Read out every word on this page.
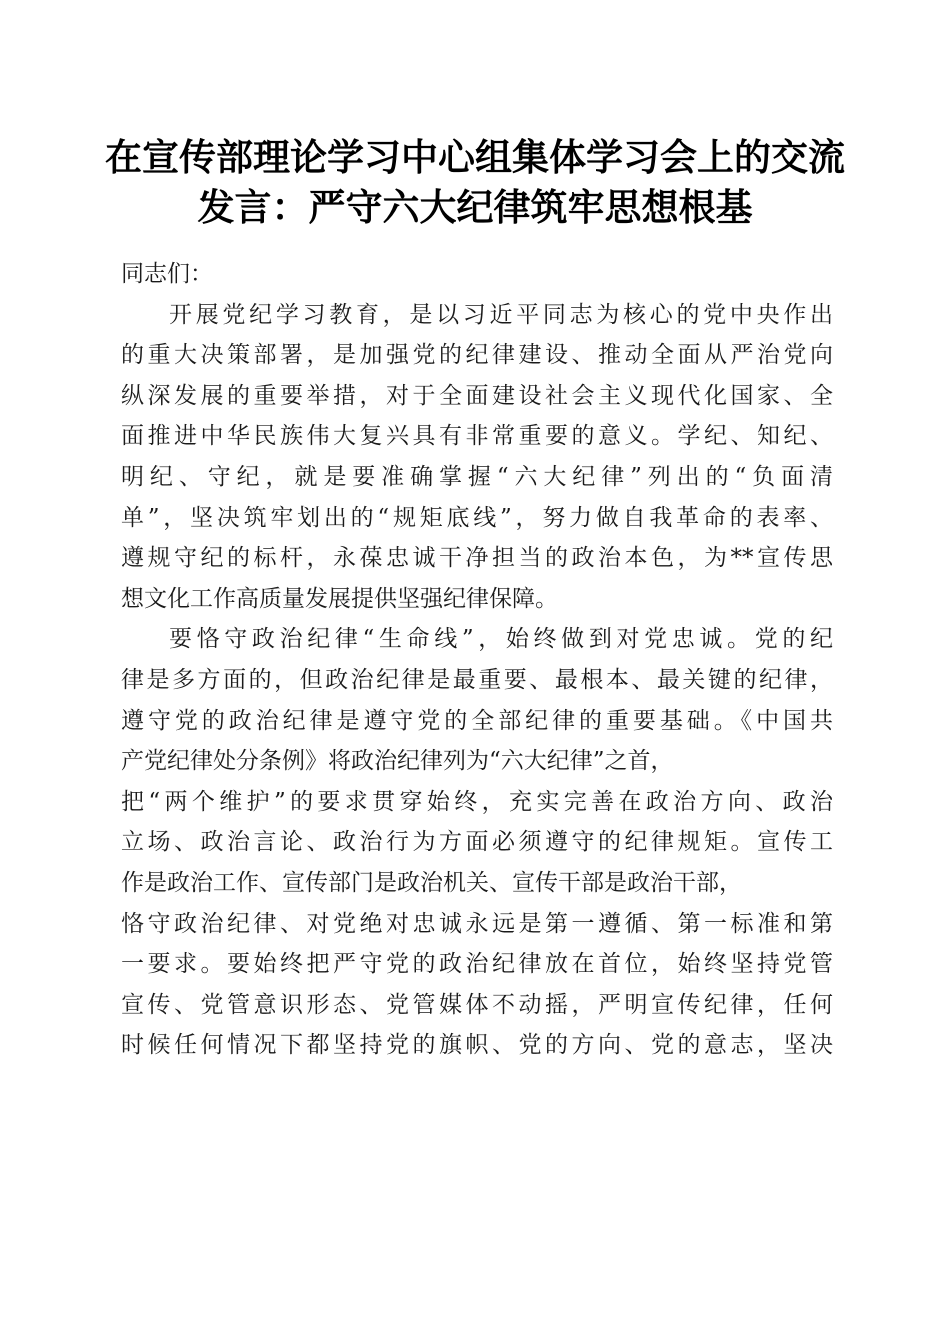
在宣传部理论学习中心组集体学习会上的交流
发言：严守六大纪律筑牢思想根基
同志们：

开展党纪学习教育，是以习近平同志为核心的党中央作出
的重大决策部署，是加强党的纪律建设、推动全面从严治党向
纵深发展的重要举措，对于全面建设社会主义现代化国家、全
面推进中华民族伟大复兴具有非常重要的意义。学纪、知纪、
明纪、守纪，就是要准确掌握“六大纪律”列出的“负面清
单”，坚决筑牢划出的“规矩底线”，努力做自我革命的表率、
遵规守纪的标杆，永葆忠诚干净担当的政治本色，为**宣传思
想文化工作高质量发展提供坚强纪律保障。

要恪守政治纪律“生命线”，始终做到对党忠诚。党的纪
律是多方面的，但政治纪律是最重要、最根本、最关键的纪律，
遵守党的政治纪律是遵守党的全部纪律的重要基础。《中国共
产党纪律处分条例》将政治纪律列为“六大纪律”之首，
把“两个维护”的要求贯穿始终，充实完善在政治方向、政治
立场、政治言论、政治行为方面必须遵守的纪律规矩。宣传工
作是政治工作、宣传部门是政治机关、宣传干部是政治干部，
恪守政治纪律、对党绝对忠诚永远是第一遵循、第一标准和第
一要求。要始终把严守党的政治纪律放在首位，始终坚持党管
宣传、党管意识形态、党管媒体不动摇，严明宣传纪律，任何
时候任何情况下都坚持党的旗帜、党的方向、党的意志，坚决
